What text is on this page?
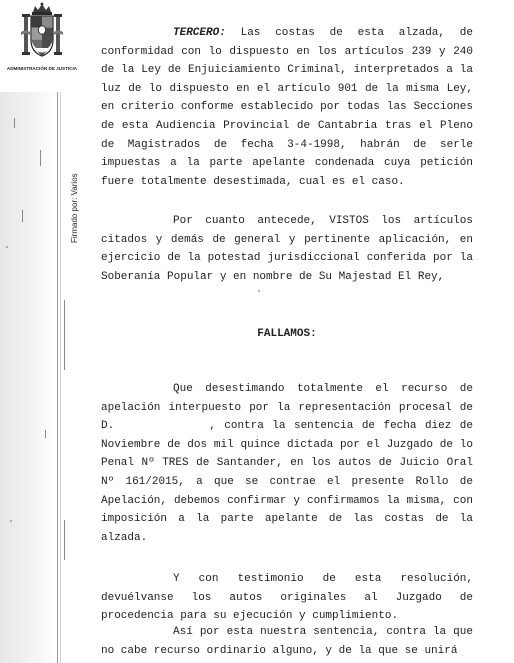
ADMINISTRACIÓN DE JUSTICIA
Firmado por: Varios

TERCERO: Las costas de esta alzada, de conformidad con lo dispuesto en los artículos 239 y 240 de la Ley de Enjuiciamiento Criminal, interpretados a la luz de lo dispuesto en el artículo 901 de la misma Ley, en criterio conforme establecido por todas las Secciones de esta Audiencia Provincial de Cantabria tras el Pleno de Magistrados de fecha 3-4-1998, habrán de serle impuestas a la parte apelante condenada cuya petición fuere totalmente desestimada, cual es el caso.

Por cuanto antecede, VISTOS los artículos citados y demás de general y pertinente aplicación, en ejercicio de la potestad jurisdiccional conferida por la Soberanía Popular y en nombre de Su Majestad El Rey,

FALLAMOS:

Que desestimando totalmente el recurso de apelación interpuesto por la representación procesal de D.	, contra la sentencia de fecha diez de Noviembre de dos mil quince dictada por el Juzgado de lo Penal Nº TRES de Santander, en los autos de Juicio Oral Nº 161/2015, a que se contrae el presente Rollo de Apelación, debemos confirmar y confirmamos la misma, con imposición a la parte apelante de las costas de la alzada.

Y con testimonio de esta resolución, devuélvanse los autos originales al Juzgado de procedencia para su ejecución y cumplimiento.

Así por esta nuestra sentencia, contra la que no cabe recurso ordinario alguno, y de la que se unirá
